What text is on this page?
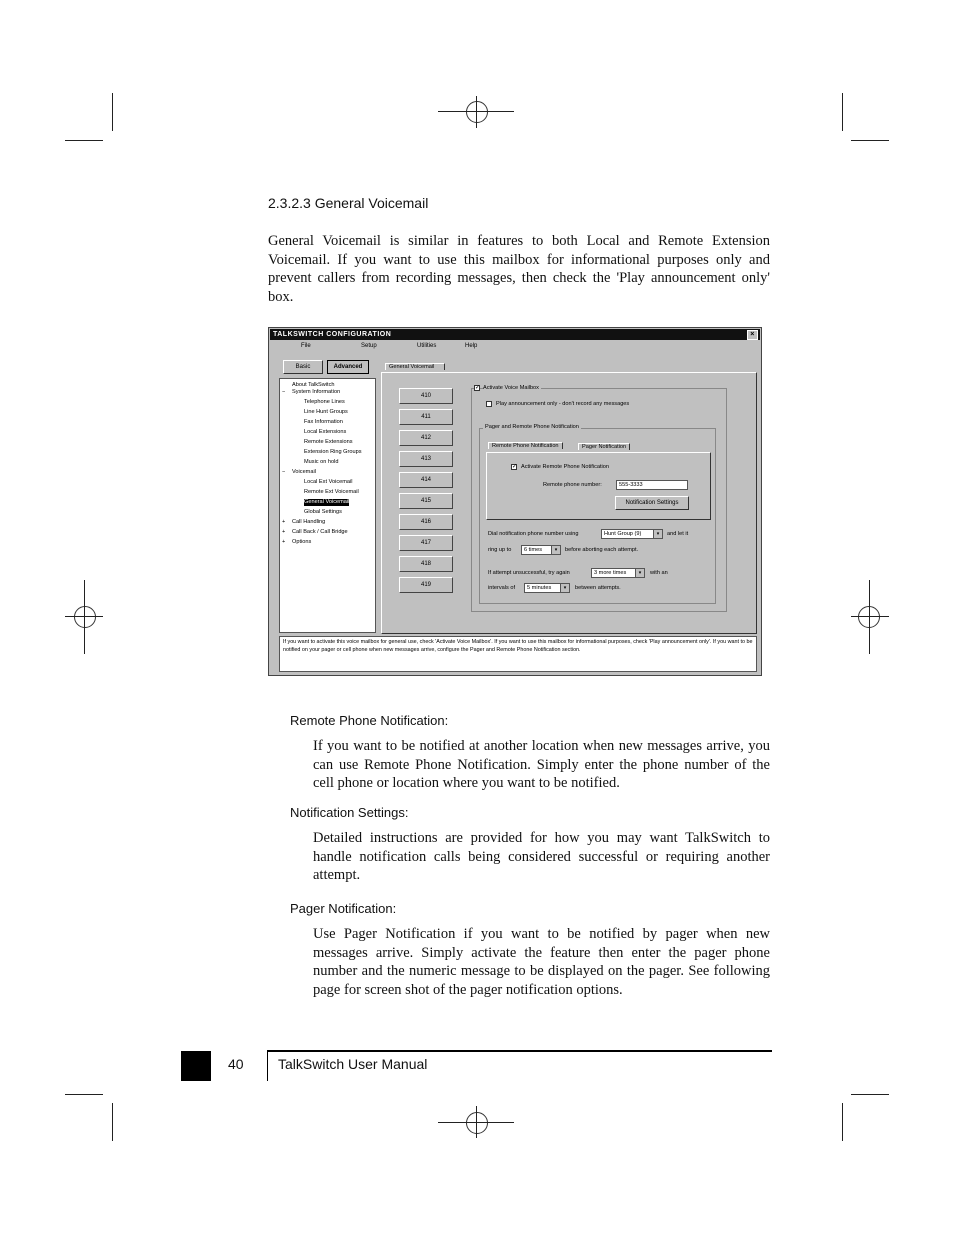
2.3.2.3 General Voicemail
General Voicemail is similar in features to both Local and Remote Extension Voicemail. If you want to use this mailbox for informational purposes only and prevent callers from recording messages, then check the 'Play announcement only' box.
TALKSWITCH CONFIGURATION	×
File	Setup	Utilities	Help
Basic	Advanced
About TalkSwitch
− System Information
Telephone Lines
Line Hunt Groups
Fax Information
Local Extensions
Remote Extensions
Extension Ring Groups
Music on hold
− Voicemail
Local Ext Voicemail
Remote Ext Voicemail
General Voicemail
Global Settings
+ Call Handling
+ Call Back / Call Bridge
+ Options
General Voicemail
410
411
412
413
414
415
416
417
418
419
✓ Activate Voice Mailbox
Play announcement only - don't record any messages
Pager and Remote Phone Notification
Remote Phone Notification	Pager Notification
✓ Activate Remote Phone Notification
Remote phone number:	555-3333
Notification Settings
Dial notification phone number using	Hunt Group (9)	▾	and let it
ring up to	6 times	▾	before aborting each attempt.
If attempt unsuccessful, try again	3 more times	▾	with an
intervals of	5 minutes	▾	between attempts.
If you want to activate this voice mailbox for general use, check 'Activate Voice Mailbox'. If you want to use this mailbox for informational purposes, check 'Play announcement only'. If you want to be notified on your pager or cell phone when new messages arrive, configure the Pager and Remote Phone Notification section.
Remote Phone Notification:
If you want to be notified at another location when new messages arrive, you can use Remote Phone Notification. Simply enter the phone number of the cell phone or location where you want to be notified.
Notification Settings:
Detailed instructions are provided for how you may want TalkSwitch to handle notification calls being considered successful or requiring another attempt.
Pager Notification:
Use Pager Notification if you want to be notified by pager when new messages arrive. Simply activate the feature then enter the pager phone number and the numeric message to be displayed on the pager. See following page for screen shot of the pager notification options.
40 TalkSwitch User Manual
